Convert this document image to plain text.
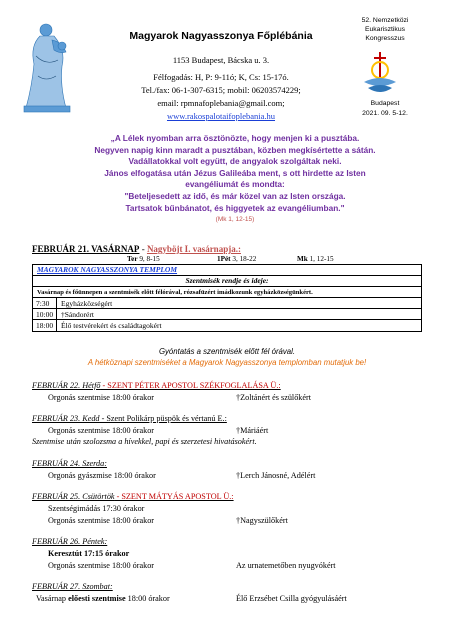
Magyarok Nagyasszonya Főplébánia
1153 Budapest, Bácska u. 3.
Félfogadás: H, P: 9-11ó; K, Cs: 15-17ó.
Tel./fax: 06-1-307-6315; mobil: 06203574229;
email: rpmnafoplebania@gmail.com;
www.rakospalotaifoplebania.hu
52. Nemzetközi
Eukarisztikus
Kongresszus
Budapest
2021. 09. 5-12.
„A Lélek nyomban arra ösztönözte, hogy menjen ki a pusztába.
Negyven napig kinn maradt a pusztában, közben megkísértette a sátán.
Vadállatokkal volt együtt, de angyalok szolgáltak neki.
János elfogatása után Jézus Galileába ment, s ott hirdette az Isten
evangéliumát és mondta:
"Beteljesedett az idő, és már közel van az Isten országa.
Tartsatok bűnbánatot, és higgyetek az evangéliumban."
(Mk 1, 12-15)
FEBRUÁR 21. VASÁRNAP - Nagyböjt I. vasárnapja.:
Ter 9, 8-15	1Pét 3, 18-22	Mk 1, 12-15
MAGYAROK NAGYASSZONYA TEMPLOM
Szentmisék rendje és ideje:
Vasárnap és főünnepen a szentmisék előtt félórával, rózsafüzért imádkozunk egyházközségünkért.
7:30	Egyházközségért
10:00	†Sándorért
18:00	Élő testvérekért és családtagokért
Gyóntatás a szentmisék előtt fél órával.
A hétköznapi szentmiséket a Magyarok Nagyasszonya templomban mutatjuk be!
FEBRUÁR 22. Hétfő - SZENT PÉTER APOSTOL SZÉKFOGLALÁSA Ü.:
Orgonás szentmise 18:00 órakor	†Zoltánért és szülőkért
FEBRUÁR 23. Kedd - Szent Polikárp püspök és vértanú E.:
Orgonás szentmise 18:00 órakor	†Máriáért
Szentmise után szolozsma a hívekkel, papi és szerzetesi hivatásokért.
FEBRUÁR 24. Szerda:
Orgonás gyászmise 18:00 órakor	†Lerch Jánosné, Adélért
FEBRUÁR 25. Csütörtök - SZENT MÁTYÁS APOSTOL Ü.:
Szentségimádás 17:30 órakor
Orgonás szentmise 18:00 órakor	†Nagyszülőkért
FEBRUÁR 26. Péntek:
Keresztút 17:15 órakor
Orgonás szentmise 18:00 órakor	Az urnatemetőben nyugvókért
FEBRUÁR 27. Szombat:
Vasárnap előesti szentmise 18:00 órakor	Élő Erzsébet Csilla gyógyulásáért
